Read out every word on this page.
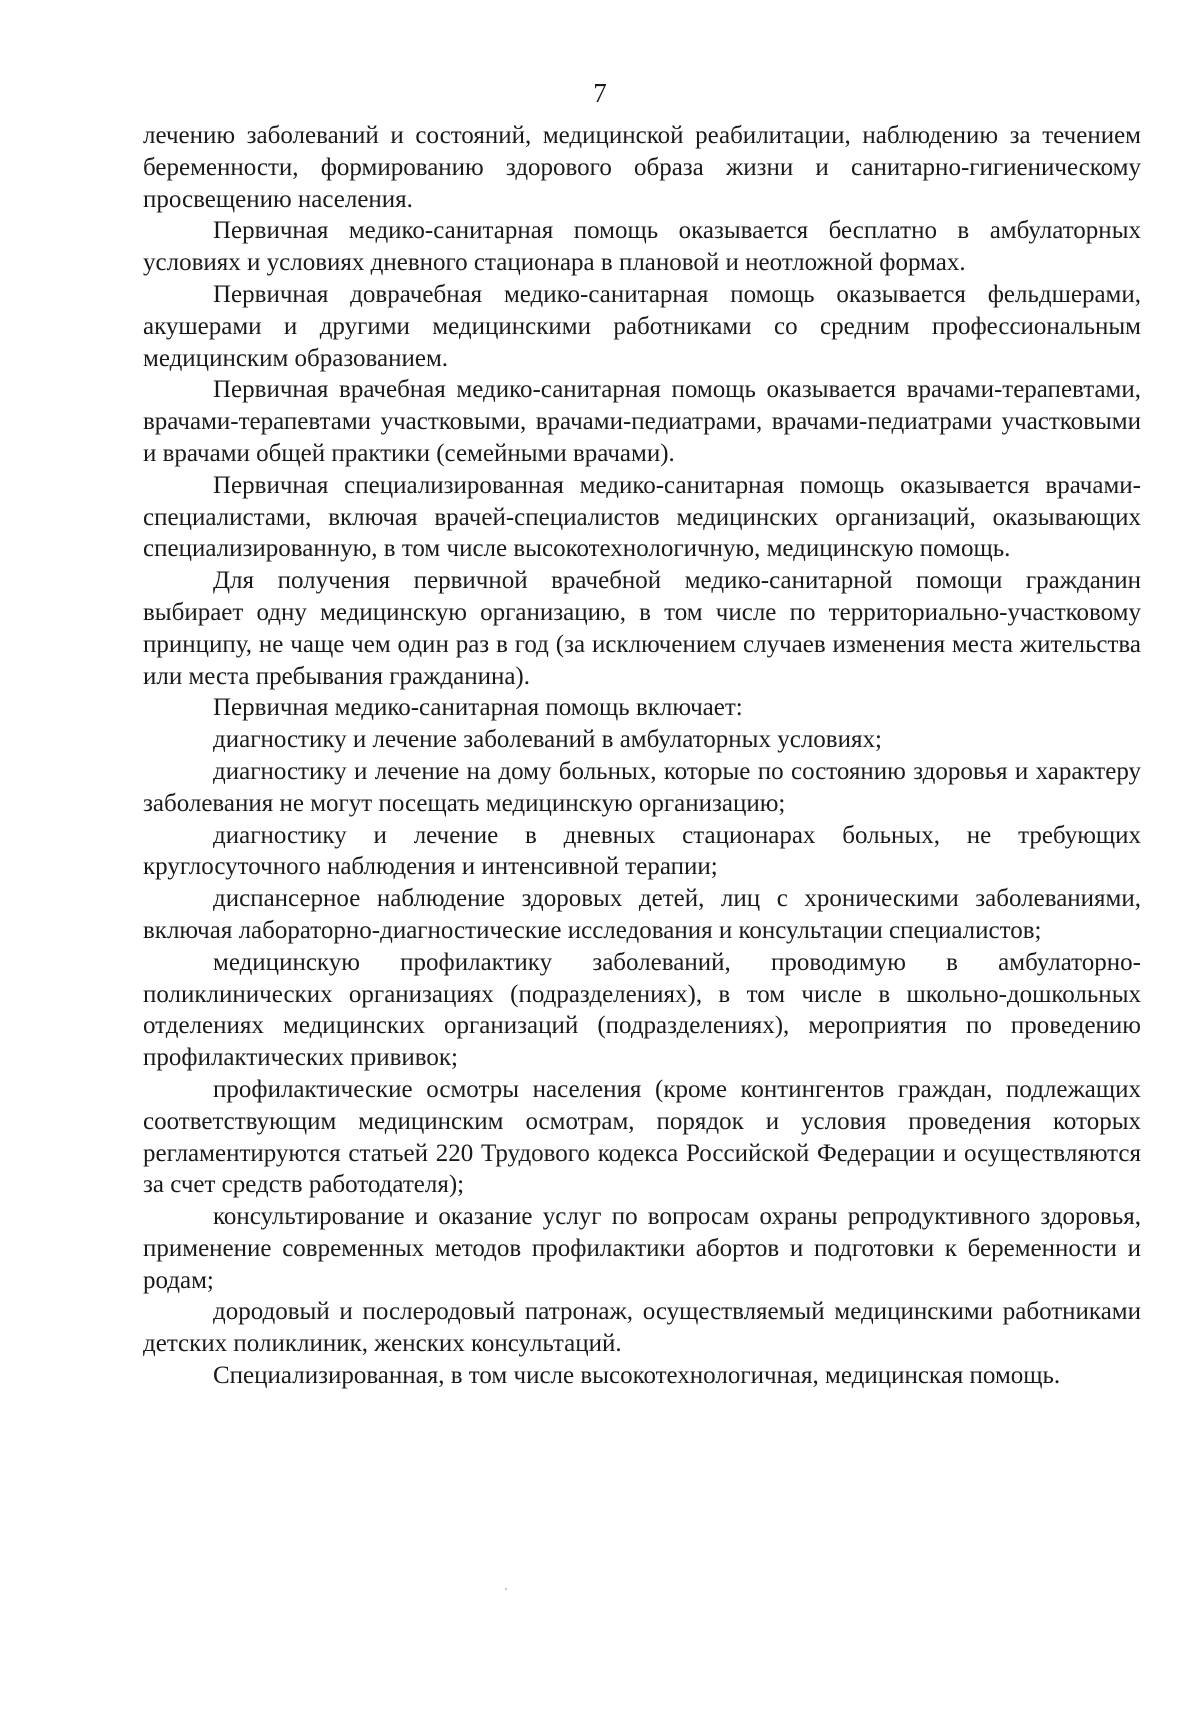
7

лечению заболеваний и состояний, медицинской реабилитации, наблюдению за течением беременности, формированию здорового образа жизни и санитарно-гигиеническому просвещению населения.

Первичная медико-санитарная помощь оказывается бесплатно в амбулаторных условиях и условиях дневного стационара в плановой и неотложной формах.

Первичная доврачебная медико-санитарная помощь оказывается фельдшерами, акушерами и другими медицинскими работниками со средним профессиональным медицинским образованием.

Первичная врачебная медико-санитарная помощь оказывается врачами-терапевтами, врачами-терапевтами участковыми, врачами-педиатрами, врачами-педиатрами участковыми и врачами общей практики (семейными врачами).

Первичная специализированная медико-санитарная помощь оказывается врачами-специалистами, включая врачей-специалистов медицинских организаций, оказывающих специализированную, в том числе высокотехнологичную, медицинскую помощь.

Для получения первичной врачебной медико-санитарной помощи гражданин выбирает одну медицинскую организацию, в том числе по территориально-участковому принципу, не чаще чем один раз в год (за исключением случаев изменения места жительства или места пребывания гражданина).

Первичная медико-санитарная помощь включает:

диагностику и лечение заболеваний в амбулаторных условиях;

диагностику и лечение на дому больных, которые по состоянию здоровья и характеру заболевания не могут посещать медицинскую организацию;

диагностику и лечение в дневных стационарах больных, не требующих круглосуточного наблюдения и интенсивной терапии;

диспансерное наблюдение здоровых детей, лиц с хроническими заболеваниями, включая лабораторно-диагностические исследования и консультации специалистов;

медицинскую профилактику заболеваний, проводимую в амбулаторно-поликлинических организациях (подразделениях), в том числе в школьно-дошкольных отделениях медицинских организаций (подразделениях), мероприятия по проведению профилактических прививок;

профилактические осмотры населения (кроме контингентов граждан, подлежащих соответствующим медицинским осмотрам, порядок и условия проведения которых регламентируются статьей 220 Трудового кодекса Российской Федерации и осуществляются за счет средств работодателя);

консультирование и оказание услуг по вопросам охраны репродуктивного здоровья, применение современных методов профилактики абортов и подготовки к беременности и родам;

дородовый и послеродовый патронаж, осуществляемый медицинскими работниками детских поликлиник, женских консультаций.

Специализированная, в том числе высокотехнологичная, медицинская помощь.
